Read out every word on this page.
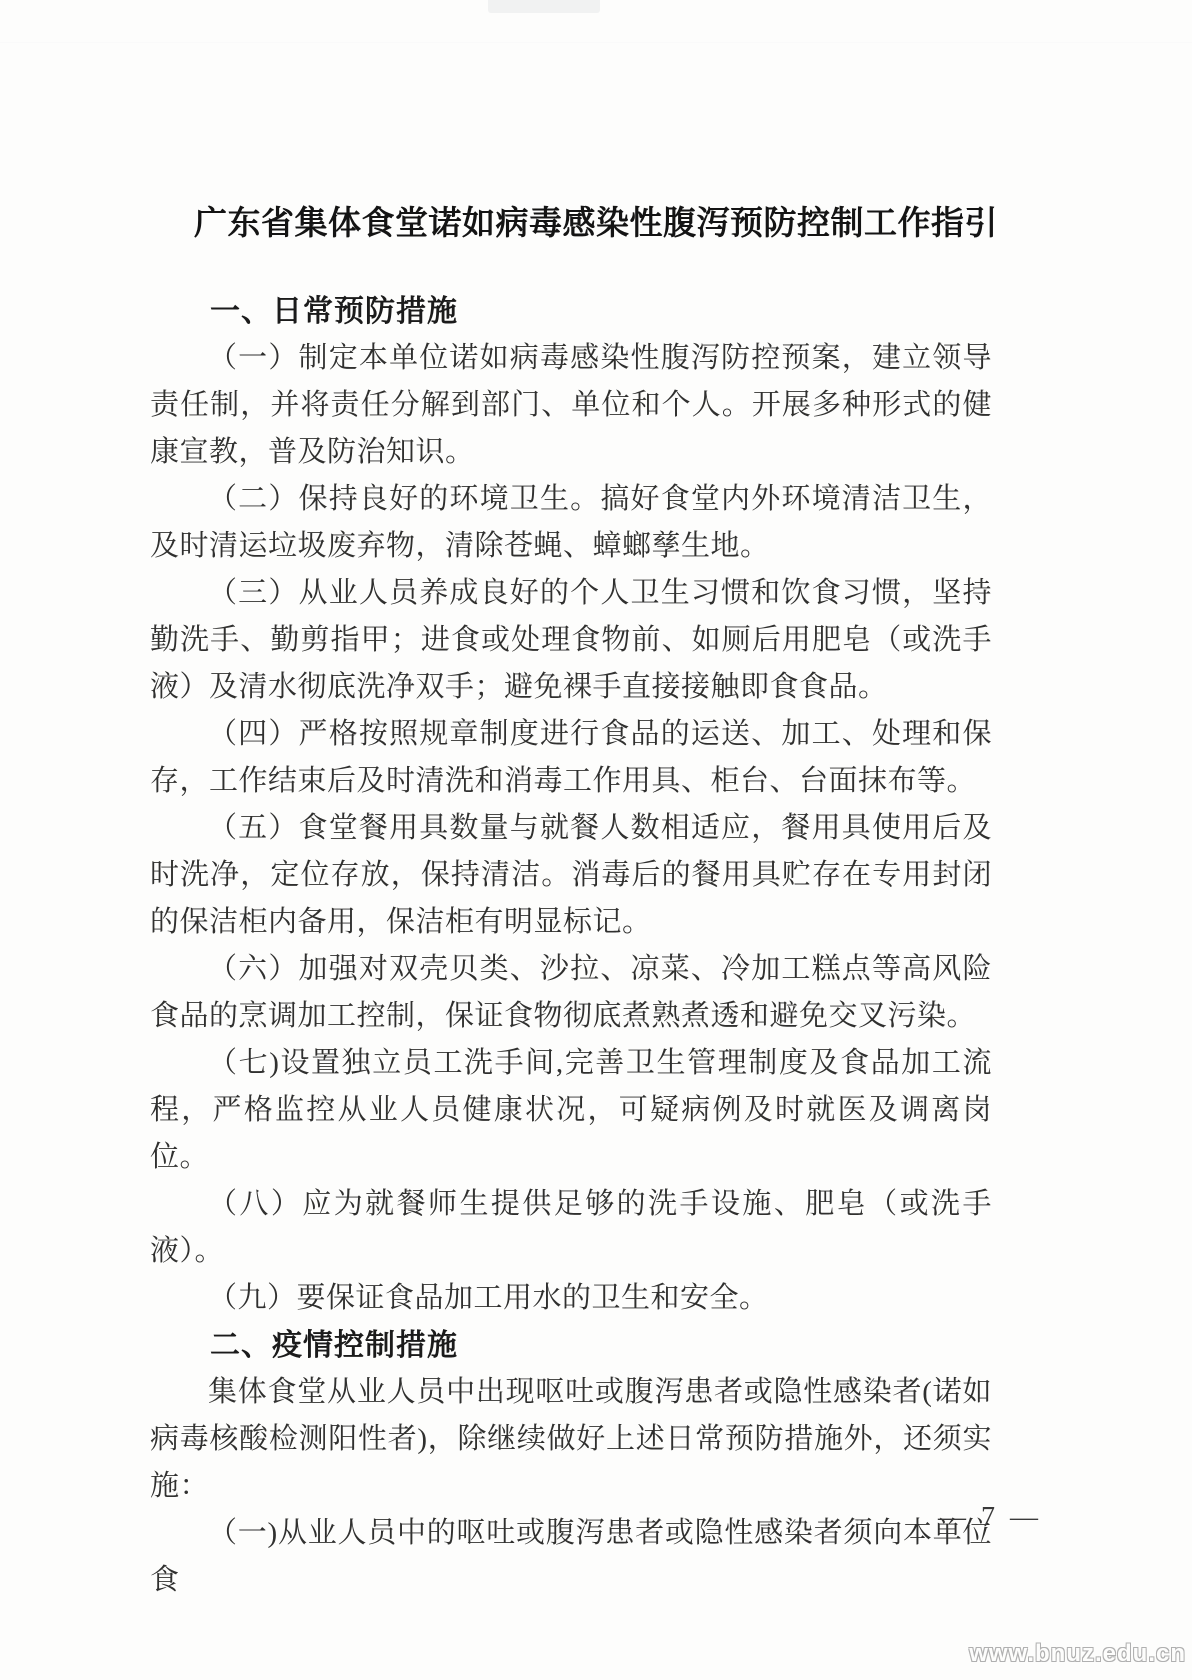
广东省集体食堂诺如病毒感染性腹泻预防控制工作指引
一、日常预防措施

（一）制定本单位诺如病毒感染性腹泻防控预案，建立领导责任制，并将责任分解到部门、单位和个人。开展多种形式的健康宣教，普及防治知识。

（二）保持良好的环境卫生。搞好食堂内外环境清洁卫生，及时清运垃圾废弃物，清除苍蝇、蟑螂孳生地。

（三）从业人员养成良好的个人卫生习惯和饮食习惯，坚持勤洗手、勤剪指甲；进食或处理食物前、如厕后用肥皂（或洗手液）及清水彻底洗净双手；避免裸手直接接触即食食品。

（四）严格按照规章制度进行食品的运送、加工、处理和保存，工作结束后及时清洗和消毒工作用具、柜台、台面抹布等。

（五）食堂餐用具数量与就餐人数相适应，餐用具使用后及时洗净，定位存放，保持清洁。消毒后的餐用具贮存在专用封闭的保洁柜内备用，保洁柜有明显标记。

（六）加强对双壳贝类、沙拉、凉菜、冷加工糕点等高风险食品的烹调加工控制，保证食物彻底煮熟煮透和避免交叉污染。

（七)设置独立员工洗手间,完善卫生管理制度及食品加工流程，严格监控从业人员健康状况，可疑病例及时就医及调离岗位。

（八）应为就餐师生提供足够的洗手设施、肥皂（或洗手液）。

（九）要保证食品加工用水的卫生和安全。

二、疫情控制措施

集体食堂从业人员中出现呕吐或腹泻患者或隐性感染者(诺如病毒核酸检测阳性者)，除继续做好上述日常预防措施外，还须实施：

（一)从业人员中的呕吐或腹泻患者或隐性感染者须向本单位食

— 7 —
www.bnuz.edu.cn
